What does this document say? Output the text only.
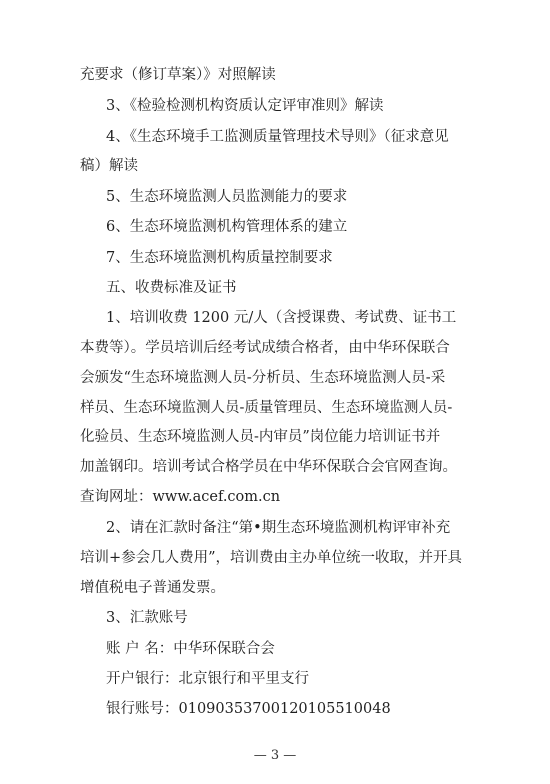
充要求（修订草案）》对照解读
3、《检验检测机构资质认定评审准则》解读
4、《生态环境手工监测质量管理技术导则》（征求意见
稿）解读
5、生态环境监测人员监测能力的要求
6、生态环境监测机构管理体系的建立
7、生态环境监测机构质量控制要求
五、收费标准及证书
1、培训收费 1200 元/人（含授课费、考试费、证书工
本费等）。学员培训后经考试成绩合格者，由中华环保联合
会颁发“生态环境监测人员-分析员、生态环境监测人员-采
样员、生态环境监测人员-质量管理员、生态环境监测人员-
化验员、生态环境监测人员-内审员”岗位能力培训证书并
加盖钢印。培训考试合格学员在中华环保联合会官网查询。
查询网址：www.acef.com.cn
2、请在汇款时备注“第•期生态环境监测机构评审补充
培训+参会几人费用”，培训费由主办单位统一收取，并开具
增值税电子普通发票。
3、汇款账号
账 户 名：中华环保联合会
开户银行：北京银行和平里支行
银行账号：01090353700120105510048
— 3 —
